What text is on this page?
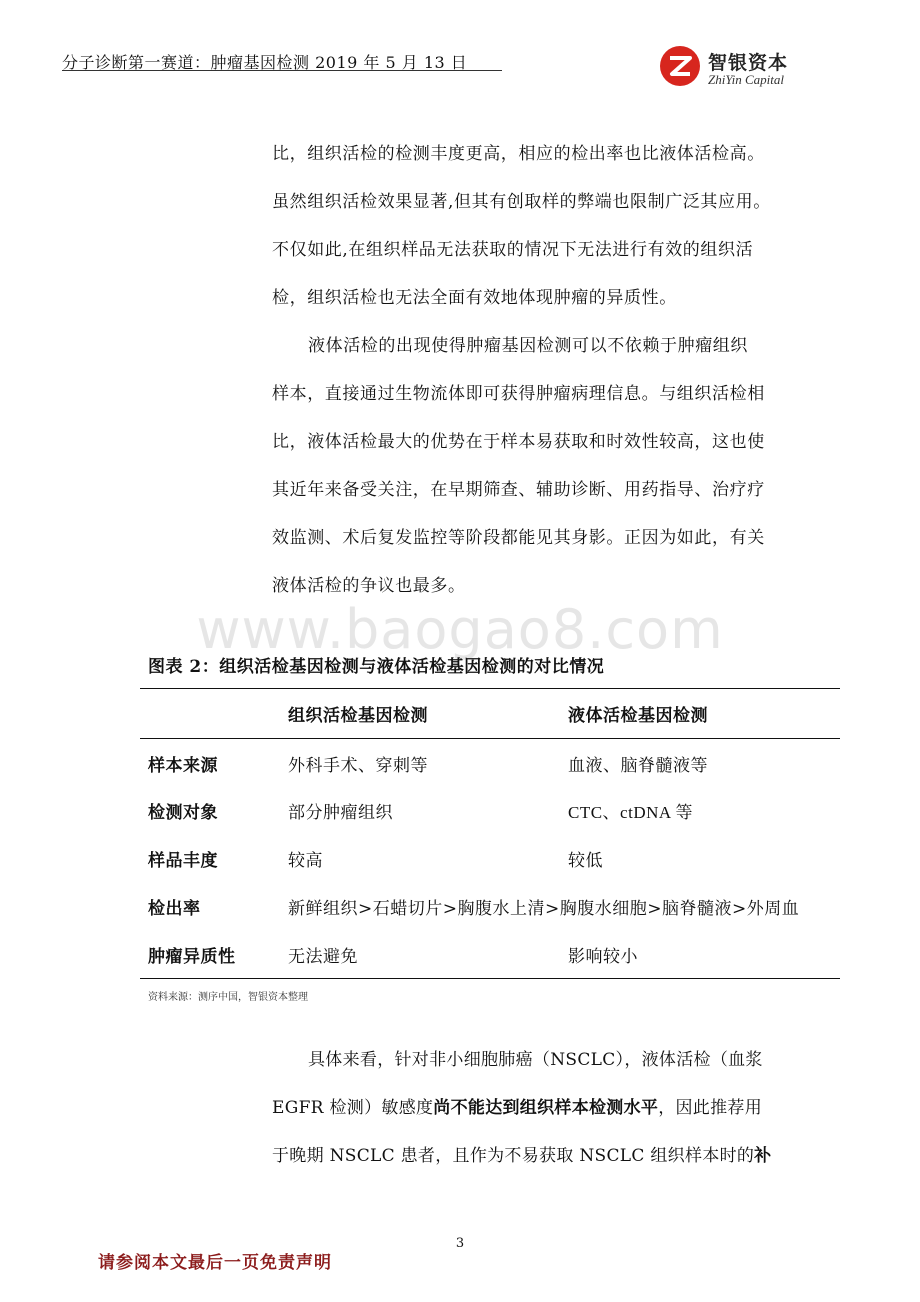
分子诊断第一赛道：肿瘤基因检测 2019 年 5 月 13 日	智银资本
ZhiYin Capital

比，组织活检的检测丰度更高，相应的检出率也比液体活检高。
虽然组织活检效果显著,但其有创取样的弊端也限制广泛其应用。
不仅如此,在组织样品无法获取的情况下无法进行有效的组织活
检，组织活检也无法全面有效地体现肿瘤的异质性。

液体活检的出现使得肿瘤基因检测可以不依赖于肿瘤组织
样本，直接通过生物流体即可获得肿瘤病理信息。与组织活检相
比，液体活检最大的优势在于样本易获取和时效性较高，这也使
其近年来备受关注，在早期筛查、辅助诊断、用药指导、治疗疗
效监测、术后复发监控等阶段都能见其身影。正因为如此，有关
液体活检的争议也最多。

www.baogao8.com
图表 2：组织活检基因检测与液体活检基因检测的对比情况
	组织活检基因检测	液体活检基因检测
样本来源	外科手术、穿刺等	血液、脑脊髓液等
检测对象	部分肿瘤组织	CTC、ctDNA 等
样品丰度	较高	较低
检出率	新鲜组织>石蜡切片>胸腹水上清>胸腹水细胞>脑脊髓液>外周血	
肿瘤异质性	无法避免	影响较小
资料来源：测序中国，智银资本整理

具体来看，针对非小细胞肺癌（NSCLC），液体活检（血浆
EGFR 检测）敏感度尚不能达到组织样本检测水平，因此推荐用
于晚期 NSCLC 患者，且作为不易获取 NSCLC 组织样本时的补

3
请参阅本文最后一页免责声明
